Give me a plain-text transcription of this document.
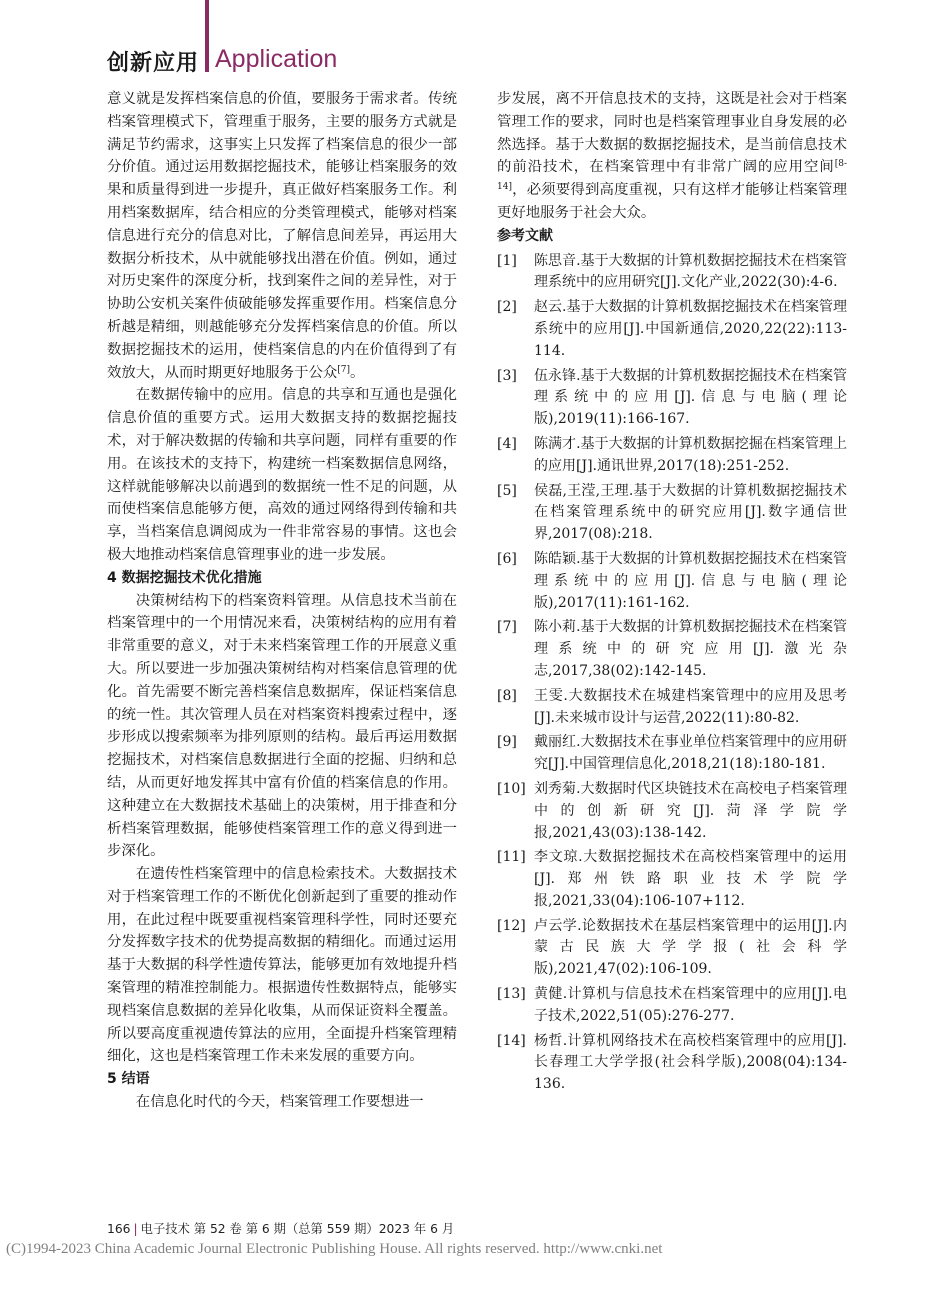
创新应用 Application

意义就是发挥档案信息的价值，要服务于需求者。传统档案管理模式下，管理重于服务，主要的服务方式就是满足节约需求，这事实上只发挥了档案信息的很少一部分价值。通过运用数据挖掘技术，能够让档案服务的效果和质量得到进一步提升，真正做好档案服务工作。利用档案数据库，结合相应的分类管理模式，能够对档案信息进行充分的信息对比，了解信息间差异，再运用大数据分析技术，从中就能够找出潜在价值。例如，通过对历史案件的深度分析，找到案件之间的差异性，对于协助公安机关案件侦破能够发挥重要作用。档案信息分析越是精细，则越能够充分发挥档案信息的价值。所以数据挖掘技术的运用，使档案信息的内在价值得到了有效放大，从而时期更好地服务于公众[7]。

在数据传输中的应用。信息的共享和互通也是强化信息价值的重要方式。运用大数据支持的数据挖掘技术，对于解决数据的传输和共享问题，同样有重要的作用。在该技术的支持下，构建统一档案数据信息网络，这样就能够解决以前遇到的数据统一性不足的问题，从而使档案信息能够方便，高效的通过网络得到传输和共享，当档案信息调阅成为一件非常容易的事情。这也会极大地推动档案信息管理事业的进一步发展。

4 数据挖掘技术优化措施

决策树结构下的档案资料管理。从信息技术当前在档案管理中的一个用情况来看，决策树结构的应用有着非常重要的意义，对于未来档案管理工作的开展意义重大。所以要进一步加强决策树结构对档案信息管理的优化。首先需要不断完善档案信息数据库，保证档案信息的统一性。其次管理人员在对档案资料搜索过程中，逐步形成以搜索频率为排列原则的结构。最后再运用数据挖掘技术，对档案信息数据进行全面的挖掘、归纳和总结，从而更好地发挥其中富有价值的档案信息的作用。这种建立在大数据技术基础上的决策树，用于排查和分析档案管理数据，能够使档案管理工作的意义得到进一步深化。

在遗传性档案管理中的信息检索技术。大数据技术对于档案管理工作的不断优化创新起到了重要的推动作用，在此过程中既要重视档案管理科学性，同时还要充分发挥数字技术的优势提高数据的精细化。而通过运用基于大数据的科学性遗传算法，能够更加有效地提升档案管理的精准控制能力。根据遗传性数据特点，能够实现档案信息数据的差异化收集，从而保证资料全覆盖。所以要高度重视遗传算法的应用，全面提升档案管理精细化，这也是档案管理工作未来发展的重要方向。

5 结语

在信息化时代的今天，档案管理工作要想进一

步发展，离不开信息技术的支持，这既是社会对于档案管理工作的要求，同时也是档案管理事业自身发展的必然选择。基于大数据的数据挖掘技术，是当前信息技术的前沿技术，在档案管理中有非常广阔的应用空间[8-14]，必须要得到高度重视，只有这样才能够让档案管理更好地服务于社会大众。

参考文献

[1] 陈思音.基于大数据的计算机数据挖掘技术在档案管理系统中的应用研究[J].文化产业,2022(30):4-6.
[2] 赵云.基于大数据的计算机数据挖掘技术在档案管理系统中的应用[J].中国新通信,2020,22(22):113-114.
[3] 伍永锋.基于大数据的计算机数据挖掘技术在档案管理系统中的应用[J].信息与电脑(理论版),2019(11):166-167.
[4] 陈满才.基于大数据的计算机数据挖掘在档案管理上的应用[J].通讯世界,2017(18):251-252.
[5] 侯磊,王滢,王理.基于大数据的计算机数据挖掘技术在档案管理系统中的研究应用[J].数字通信世界,2017(08):218.
[6] 陈皓颖.基于大数据的计算机数据挖掘技术在档案管理系统中的应用[J].信息与电脑(理论版),2017(11):161-162.
[7] 陈小莉.基于大数据的计算机数据挖掘技术在档案管理系统中的研究应用[J].激光杂志,2017,38(02):142-145.
[8] 王雯.大数据技术在城建档案管理中的应用及思考[J].未来城市设计与运营,2022(11):80-82.
[9] 戴丽红.大数据技术在事业单位档案管理中的应用研究[J].中国管理信息化,2018,21(18):180-181.
[10] 刘秀菊.大数据时代区块链技术在高校电子档案管理中的创新研究[J].菏泽学院学报,2021,43(03):138-142.
[11] 李文琼.大数据挖掘技术在高校档案管理中的运用[J].郑州铁路职业技术学院学报,2021,33(04):106-107+112.
[12] 卢云学.论数据技术在基层档案管理中的运用[J].内蒙古民族大学学报(社会科学版),2021,47(02):106-109.
[13] 黄健.计算机与信息技术在档案管理中的应用[J].电子技术,2022,51(05):276-277.
[14] 杨哲.计算机网络技术在高校档案管理中的应用[J].长春理工大学学报(社会科学版),2008(04):134-136.
166 | 电子技术 第 52 卷 第 6 期（总第 559 期）2023 年 6 月
(C)1994-2023 China Academic Journal Electronic Publishing House. All rights reserved. http://www.cnki.net
